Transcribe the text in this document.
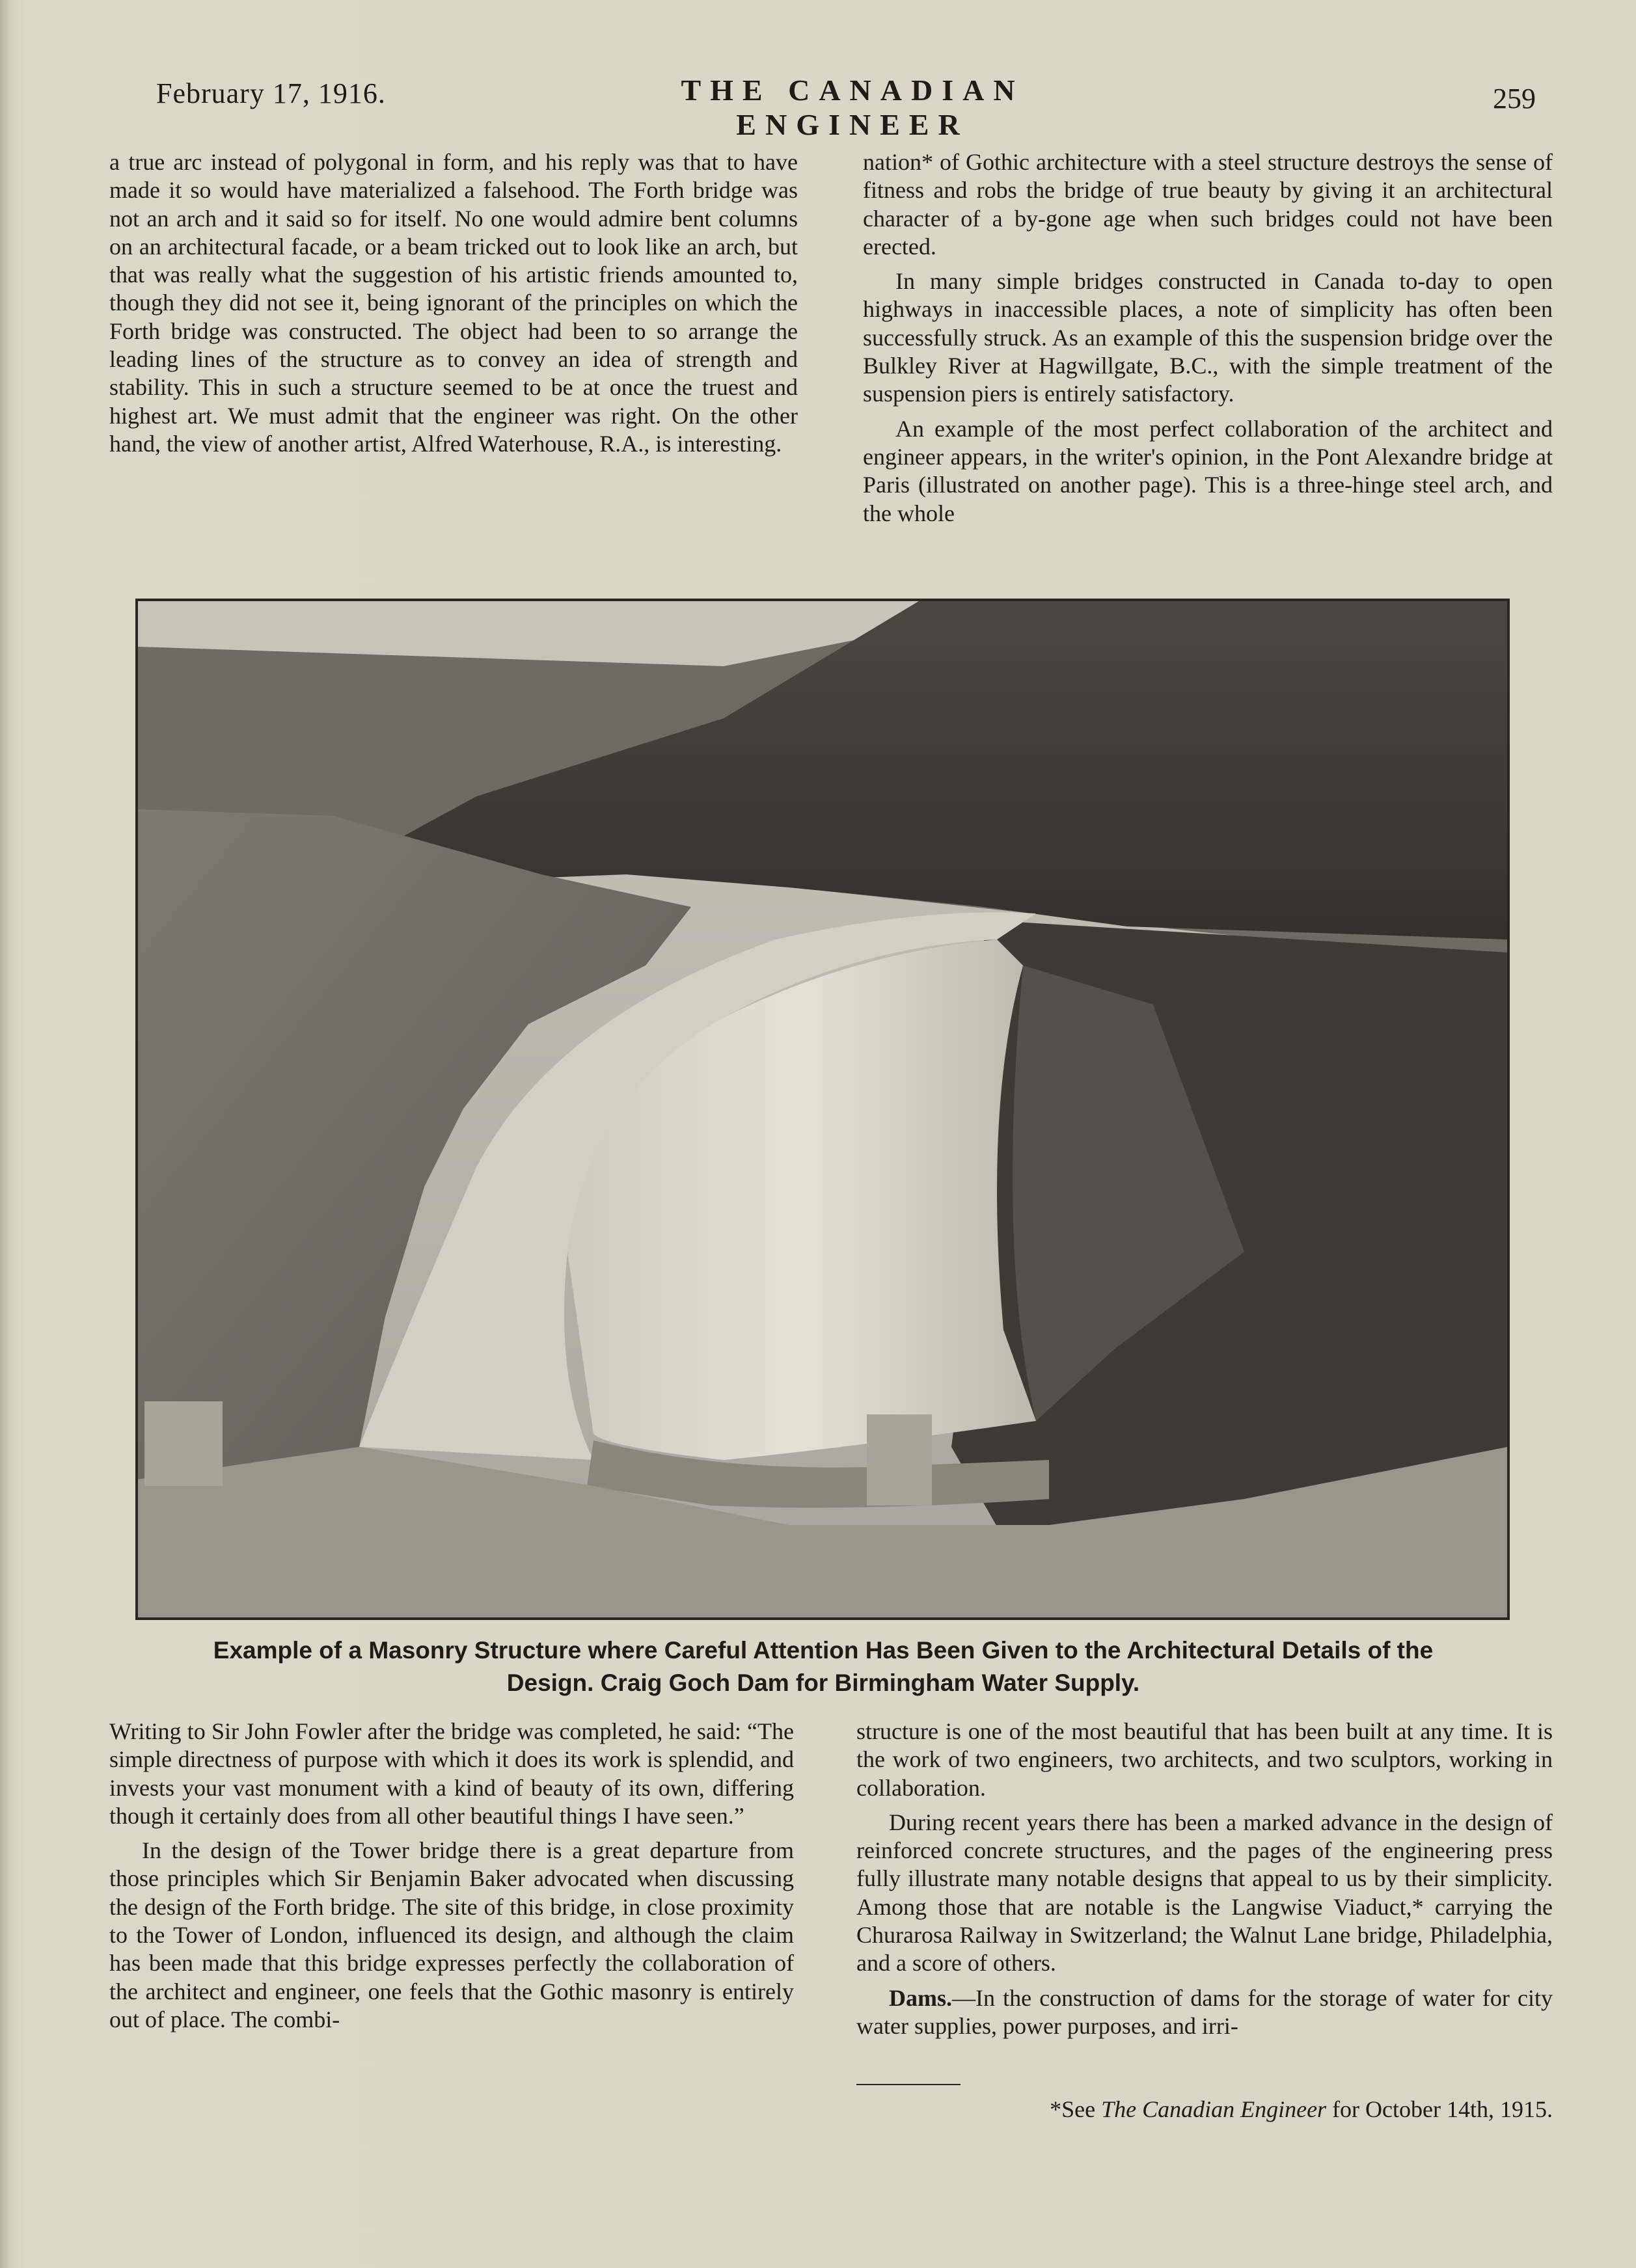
February 17, 1916.	THE CANADIAN ENGINEER
259

a true arc instead of polygonal in form, and his reply was that to have made it so would have materialized a falsehood. The Forth bridge was not an arch and it said so for itself. No one would admire bent columns on an architectural facade, or a beam tricked out to look like an arch, but that was really what the suggestion of his artistic friends amounted to, though they did not see it, being ignorant of the principles on which the Forth bridge was constructed. The object had been to so arrange the leading lines of the structure as to convey an idea of strength and stability. This in such a structure seemed to be at once the truest and highest art. We must admit that the engineer was right. On the other hand, the view of another artist, Alfred Waterhouse, R.A., is interesting.

nation* of Gothic architecture with a steel structure destroys the sense of fitness and robs the bridge of true beauty by giving it an architectural character of a by-gone age when such bridges could not have been erected.

In many simple bridges constructed in Canada to-day to open highways in inaccessible places, a note of simplicity has often been successfully struck. As an example of this the suspension bridge over the Bulkley River at Hagwillgate, B.C., with the simple treatment of the suspension piers is entirely satisfactory.

An example of the most perfect collaboration of the architect and engineer appears, in the writer's opinion, in the Pont Alexandre bridge at Paris (illustrated on another page). This is a three-hinge steel arch, and the whole

Example of a Masonry Structure where Careful Attention Has Been Given to the Architectural Details of the
Design. Craig Goch Dam for Birmingham Water Supply.

Writing to Sir John Fowler after the bridge was completed, he said: “The simple directness of purpose with which it does its work is splendid, and invests your vast monument with a kind of beauty of its own, differing though it certainly does from all other beautiful things I have seen.”

In the design of the Tower bridge there is a great departure from those principles which Sir Benjamin Baker advocated when discussing the design of the Forth bridge. The site of this bridge, in close proximity to the Tower of London, influenced its design, and although the claim has been made that this bridge expresses perfectly the collaboration of the architect and engineer, one feels that the Gothic masonry is entirely out of place. The combi-

structure is one of the most beautiful that has been built at any time. It is the work of two engineers, two architects, and two sculptors, working in collaboration.

During recent years there has been a marked advance in the design of reinforced concrete structures, and the pages of the engineering press fully illustrate many notable designs that appeal to us by their simplicity. Among those that are notable is the Langwise Viaduct,* carrying the Churarosa Railway in Switzerland; the Walnut Lane bridge, Philadelphia, and a score of others.

Dams.—In the construction of dams for the storage of water for city water supplies, power purposes, and irri-

*See The Canadian Engineer for October 14th, 1915.
